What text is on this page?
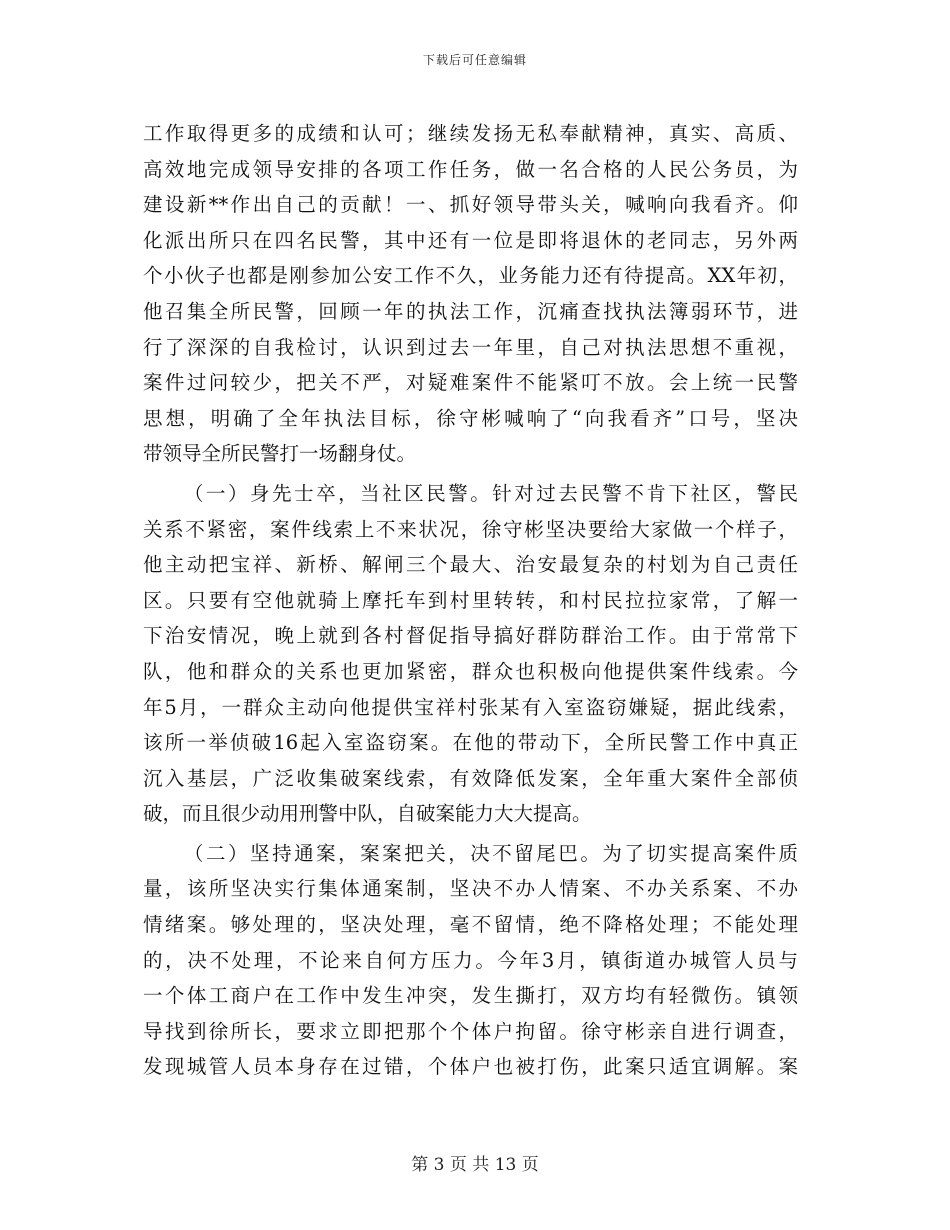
下载后可任意编辑
工作取得更多的成绩和认可；继续发扬无私奉献精神，真实、高质、
高效地完成领导安排的各项工作任务，做一名合格的人民公务员，为
建设新**作出自己的贡献！一、抓好领导带头关，喊响向我看齐。仰
化派出所只在四名民警，其中还有一位是即将退休的老同志，另外两
个小伙子也都是刚参加公安工作不久，业务能力还有待提高。XX年初，
他召集全所民警，回顾一年的执法工作，沉痛查找执法簿弱环节，进
行了深深的自我检讨，认识到过去一年里，自己对执法思想不重视，
案件过问较少，把关不严，对疑难案件不能紧叮不放。会上统一民警
思想，明确了全年执法目标，徐守彬喊响了“向我看齐”口号，坚决
带领导全所民警打一场翻身仗。
（一）身先士卒，当社区民警。针对过去民警不肯下社区，警民
关系不紧密，案件线索上不来状况，徐守彬坚决要给大家做一个样子，
他主动把宝祥、新桥、解闸三个最大、治安最复杂的村划为自己责任
区。只要有空他就骑上摩托车到村里转转，和村民拉拉家常，了解一
下治安情况，晚上就到各村督促指导搞好群防群治工作。由于常常下
队，他和群众的关系也更加紧密，群众也积极向他提供案件线索。今
年5月，一群众主动向他提供宝祥村张某有入室盗窃嫌疑，据此线索，
该所一举侦破16起入室盗窃案。在他的带动下，全所民警工作中真正
沉入基层，广泛收集破案线索，有效降低发案，全年重大案件全部侦
破，而且很少动用刑警中队，自破案能力大大提高。
（二）坚持通案，案案把关，决不留尾巴。为了切实提高案件质
量，该所坚决实行集体通案制，坚决不办人情案、不办关系案、不办
情绪案。够处理的，坚决处理，毫不留情，绝不降格处理；不能处理
的，决不处理，不论来自何方压力。今年3月，镇街道办城管人员与
一个体工商户在工作中发生冲突，发生撕打，双方均有轻微伤。镇领
导找到徐所长，要求立即把那个个体户拘留。徐守彬亲自进行调查，
发现城管人员本身存在过错，个体户也被打伤，此案只适宜调解。案
第 3 页 共 13 页
